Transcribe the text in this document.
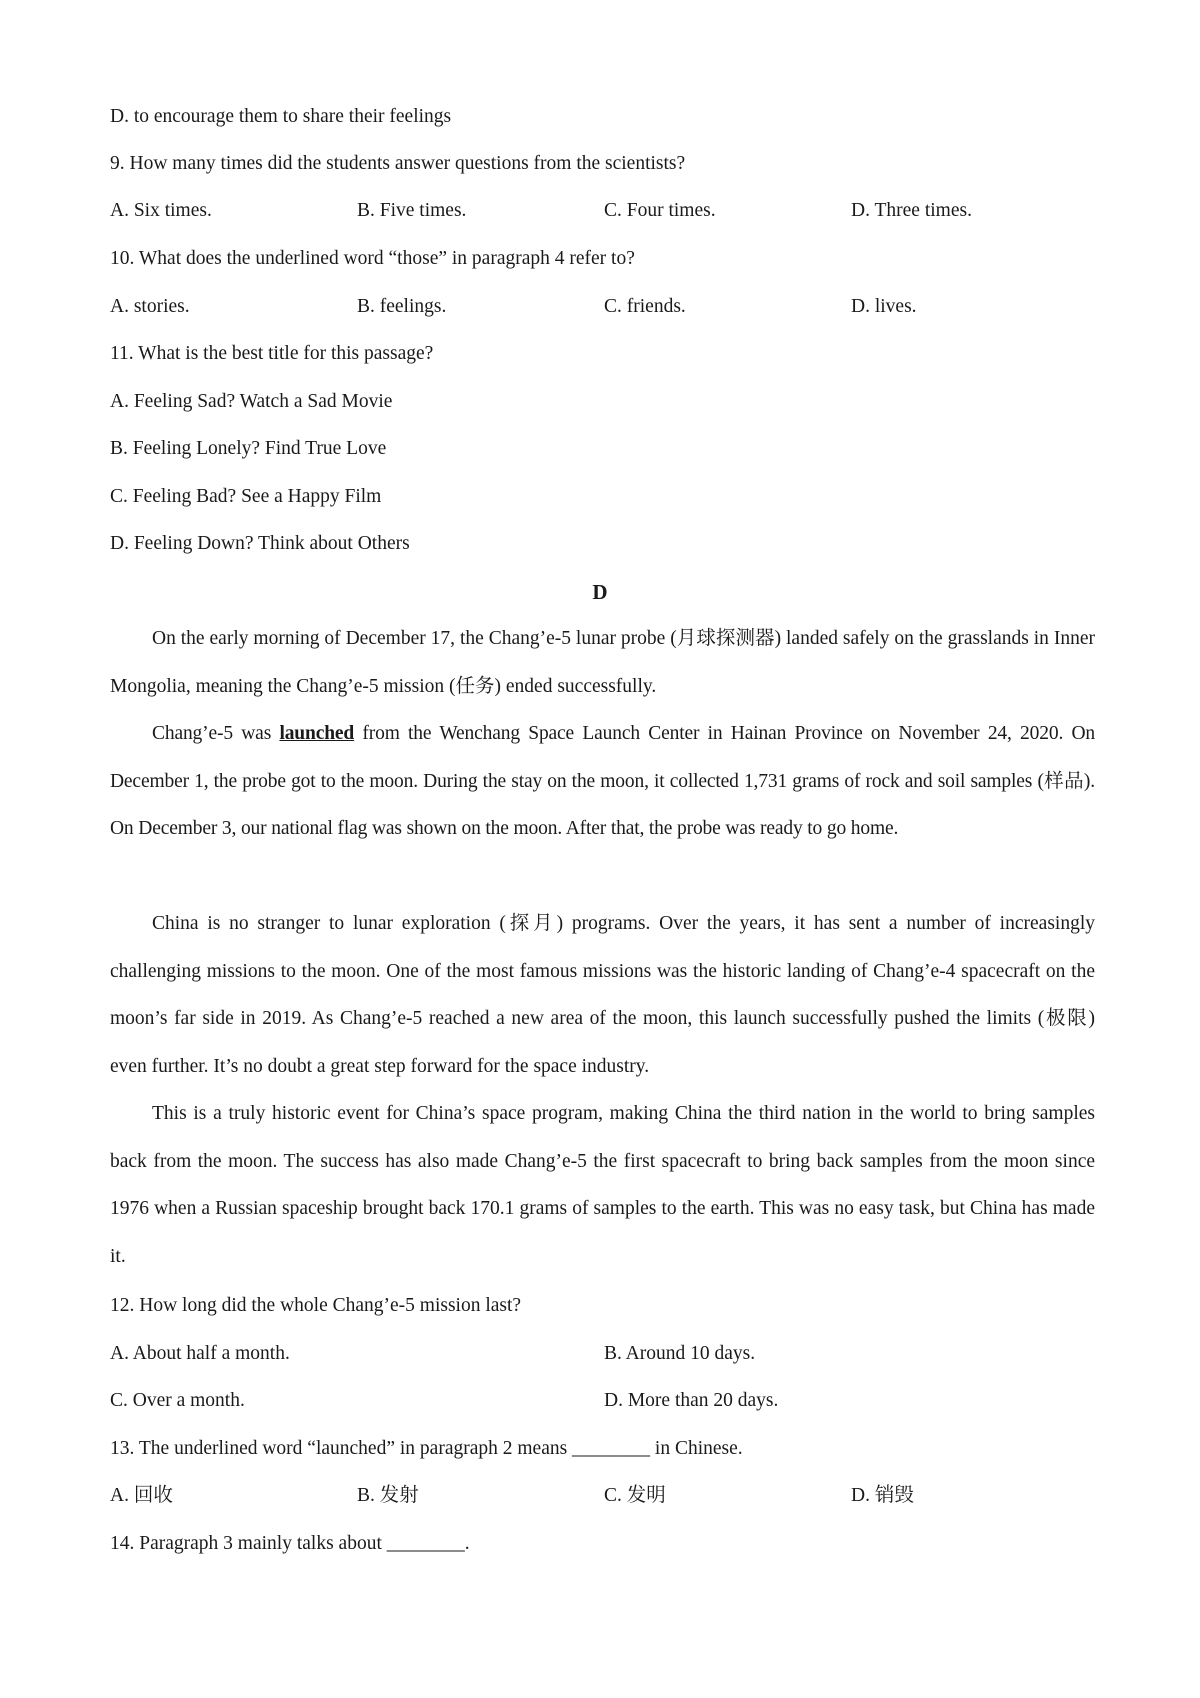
D. to encourage them to share their feelings
9. How many times did the students answer questions from the scientists?
A. Six times.	B. Five times.	C. Four times.	D. Three times.
10. What does the underlined word “those” in paragraph 4 refer to?
A. stories.	B. feelings.	C. friends.	D. lives.
11. What is the best title for this passage?
A. Feeling Sad? Watch a Sad Movie
B. Feeling Lonely? Find True Love
C. Feeling Bad? See a Happy Film
D. Feeling Down? Think about Others
D

On the early morning of December 17, the Chang’e-5 lunar probe (月球探测器) landed safely on the grasslands in Inner Mongolia, meaning the Chang’e-5 mission (任务) ended successfully.

Chang’e-5 was launched from the Wenchang Space Launch Center in Hainan Province on November 24, 2020. On December 1, the probe got to the moon. During the stay on the moon, it collected 1,731 grams of rock and soil samples (样品). On December 3, our national flag was shown on the moon. After that, the probe was ready to go home.

China is no stranger to lunar exploration (探月) programs. Over the years, it has sent a number of increasingly challenging missions to the moon. One of the most famous missions was the historic landing of Chang’e-4 spacecraft on the moon’s far side in 2019. As Chang’e-5 reached a new area of the moon, this launch successfully pushed the limits (极限) even further. It’s no doubt a great step forward for the space industry.

This is a truly historic event for China’s space program, making China the third nation in the world to bring samples back from the moon. The success has also made Chang’e-5 the first spacecraft to bring back samples from the moon since 1976 when a Russian spaceship brought back 170.1 grams of samples to the earth. This was no easy task, but China has made it.

12. How long did the whole Chang’e-5 mission last?
A. About half a month.	B. Around 10 days.
C. Over a month.	D. More than 20 days.
13. The underlined word “launched” in paragraph 2 means ________ in Chinese.
A. 回收	B. 发射	C. 发明	D. 销毁
14. Paragraph 3 mainly talks about ________.
